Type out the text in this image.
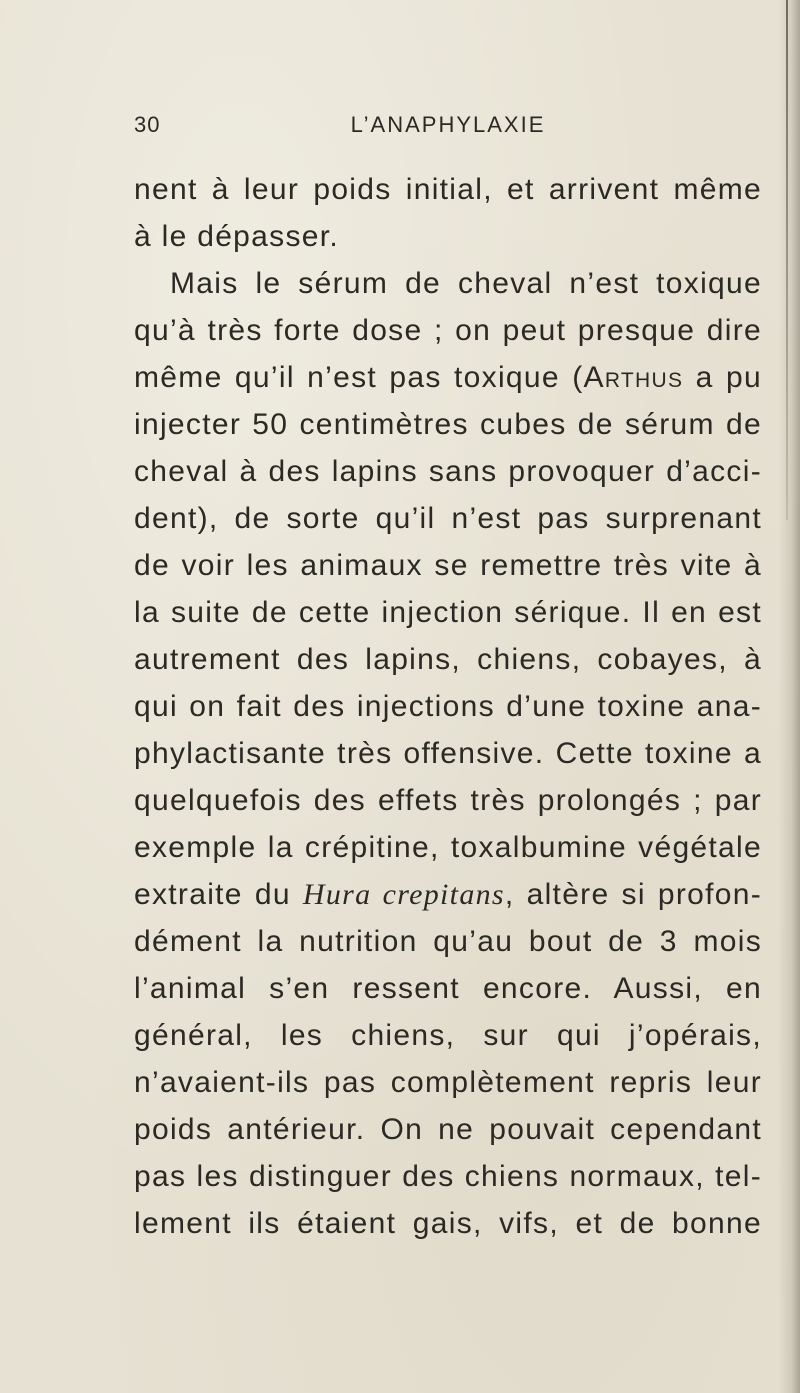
L’ANAPHYLAXIE
30
nent à leur poids initial, et arrivent même
à le dépasser.
Mais le sérum de cheval n’est toxique
qu’à très forte dose ; on peut presque dire
même qu’il n’est pas toxique (Arthus a pu
injecter 50 centimètres cubes de sérum de
cheval à des lapins sans provoquer d’acci-
dent), de sorte qu’il n’est pas surprenant
de voir les animaux se remettre très vite à
la suite de cette injection sérique. Il en est
autrement des lapins, chiens, cobayes, à
qui on fait des injections d’une toxine ana-
phylactisante très offensive. Cette toxine a
quelquefois des effets très prolongés ; par
exemple la crépitine, toxalbumine végétale
extraite du Hura crepitans, altère si profon-
dément la nutrition qu’au bout de 3 mois
l’animal s’en ressent encore. Aussi, en
général, les chiens, sur qui j’opérais,
n’avaient-ils pas complètement repris leur
poids antérieur. On ne pouvait cependant
pas les distinguer des chiens normaux, tel-
lement ils étaient gais, vifs, et de bonne
